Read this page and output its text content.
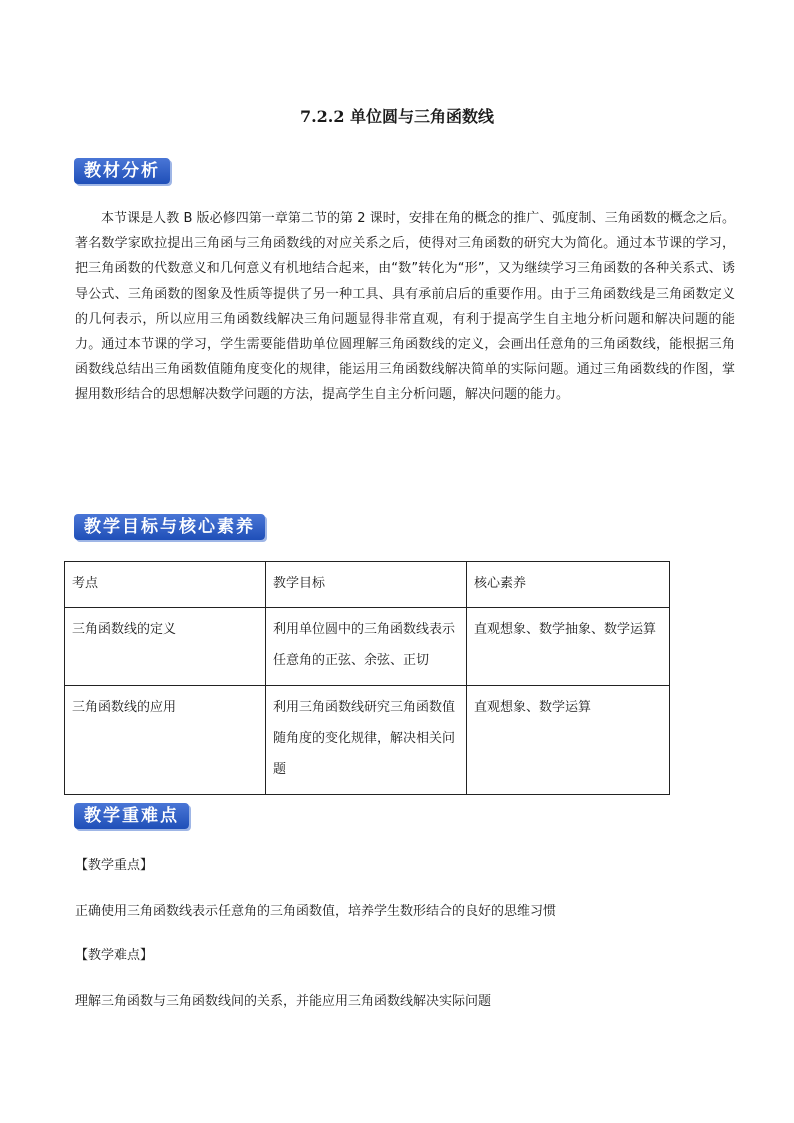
7.2.2 单位圆与三角函数线
教材分析

本节课是人教 B 版必修四第一章第二节的第 2 课时，安排在角的概念的推广、弧度制、三角函数的概念之后。著名数学家欧拉提出三角函与三角函数线的对应关系之后，使得对三角函数的研究大为简化。通过本节课的学习，把三角函数的代数意义和几何意义有机地结合起来，由“数”转化为“形”，又为继续学习三角函数的各种关系式、诱导公式、三角函数的图象及性质等提供了另一种工具、具有承前启后的重要作用。由于三角函数线是三角函数定义的几何表示，所以应用三角函数线解决三角问题显得非常直观，有利于提高学生自主地分析问题和解决问题的能力。通过本节课的学习，学生需要能借助单位圆理解三角函数线的定义，会画出任意角的三角函数线，能根据三角函数线总结出三角函数值随角度变化的规律，能运用三角函数线解决简单的实际问题。通过三角函数线的作图，掌握用数形结合的思想解决数学问题的方法，提高学生自主分析问题，解决问题的能力。

教学目标与核心素养
考点	教学目标	核心素养
三角函数线的定义	利用单位圆中的三角函数线表示任意角的正弦、余弦、正切	直观想象、数学抽象、数学运算
三角函数线的应用	利用三角函数线研究三角函数值随角度的变化规律，解决相关问题	直观想象、数学运算
教学重难点
【教学重点】
正确使用三角函数线表示任意角的三角函数值，培养学生数形结合的良好的思维习惯
【教学难点】
理解三角函数与三角函数线间的关系，并能应用三角函数线解决实际问题
